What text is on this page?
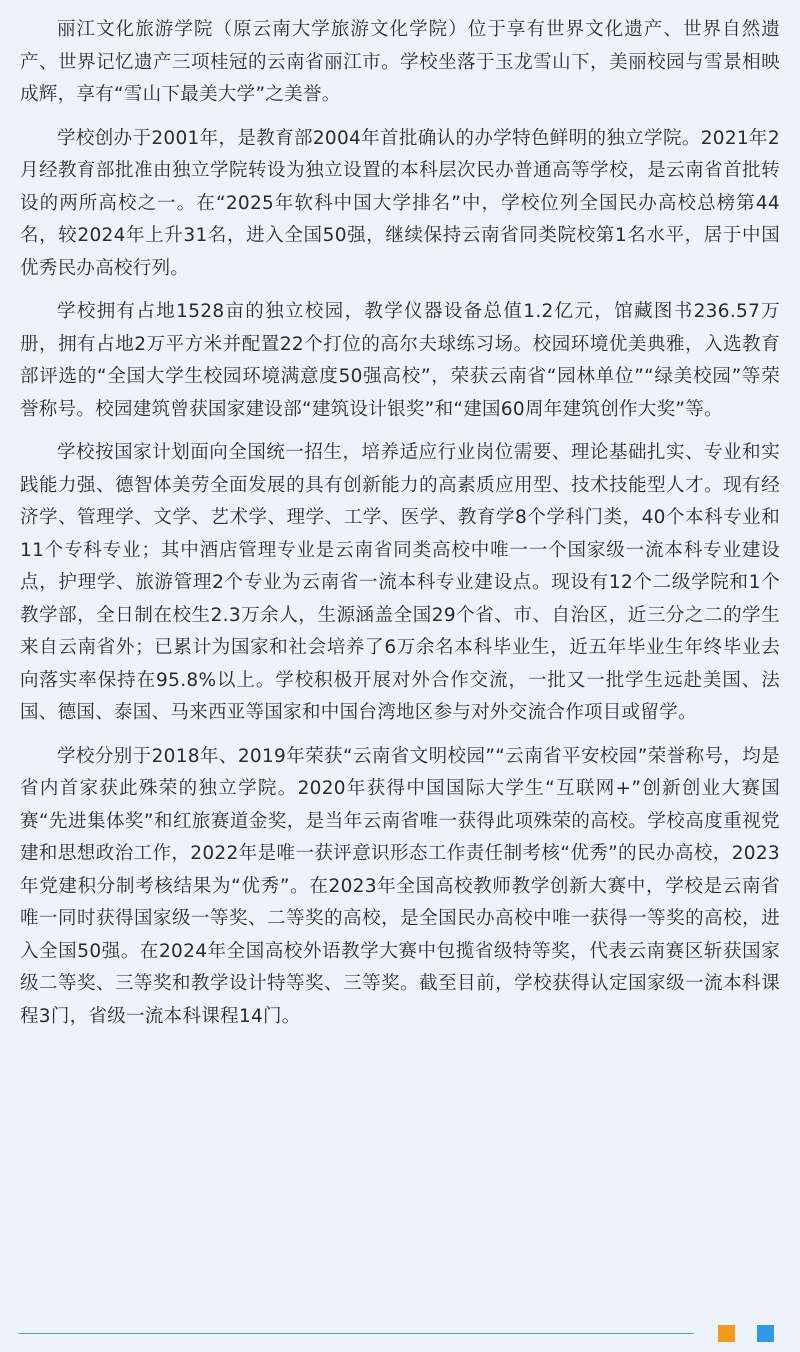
丽江文化旅游学院（原云南大学旅游文化学院）位于享有世界文化遗产、世界自然遗产、世界记忆遗产三项桂冠的云南省丽江市。学校坐落于玉龙雪山下，美丽校园与雪景相映成辉，享有“雪山下最美大学”之美誉。

学校创办于2001年，是教育部2004年首批确认的办学特色鲜明的独立学院。2021年2月经教育部批准由独立学院转设为独立设置的本科层次民办普通高等学校，是云南省首批转设的两所高校之一。在“2025年软科中国大学排名”中，学校位列全国民办高校总榜第44名，较2024年上升31名，进入全国50强，继续保持云南省同类院校第1名水平，居于中国优秀民办高校行列。

学校拥有占地1528亩的独立校园，教学仪器设备总值1.2亿元，馆藏图书236.57万册，拥有占地2万平方米并配置22个打位的高尔夫球练习场。校园环境优美典雅，入选教育部评选的“全国大学生校园环境满意度50强高校”，荣获云南省“园林单位”“绿美校园”等荣誉称号。校园建筑曾获国家建设部“建筑设计银奖”和“建国60周年建筑创作大奖”等。

学校按国家计划面向全国统一招生，培养适应行业岗位需要、理论基础扎实、专业和实践能力强、德智体美劳全面发展的具有创新能力的高素质应用型、技术技能型人才。现有经济学、管理学、文学、艺术学、理学、工学、医学、教育学8个学科门类，40个本科专业和11个专科专业；其中酒店管理专业是云南省同类高校中唯一一个国家级一流本科专业建设点，护理学、旅游管理2个专业为云南省一流本科专业建设点。现设有12个二级学院和1个教学部，全日制在校生2.3万余人，生源涵盖全国29个省、市、自治区，近三分之二的学生来自云南省外；已累计为国家和社会培养了6万余名本科毕业生，近五年毕业生年终毕业去向落实率保持在95.8%以上。学校积极开展对外合作交流，一批又一批学生远赴美国、法国、德国、泰国、马来西亚等国家和中国台湾地区参与对外交流合作项目或留学。

学校分别于2018年、2019年荣获“云南省文明校园”“云南省平安校园”荣誉称号，均是省内首家获此殊荣的独立学院。2020年获得中国国际大学生“互联网+”创新创业大赛国赛“先进集体奖”和红旅赛道金奖，是当年云南省唯一获得此项殊荣的高校。学校高度重视党建和思想政治工作，2022年是唯一获评意识形态工作责任制考核“优秀”的民办高校，2023年党建积分制考核结果为“优秀”。在2023年全国高校教师教学创新大赛中，学校是云南省唯一同时获得国家级一等奖、二等奖的高校，是全国民办高校中唯一获得一等奖的高校，进入全国50强。在2024年全国高校外语教学大赛中包揽省级特等奖，代表云南赛区斩获国家级二等奖、三等奖和教学设计特等奖、三等奖。截至目前，学校获得认定国家级一流本科课程3门，省级一流本科课程14门。
